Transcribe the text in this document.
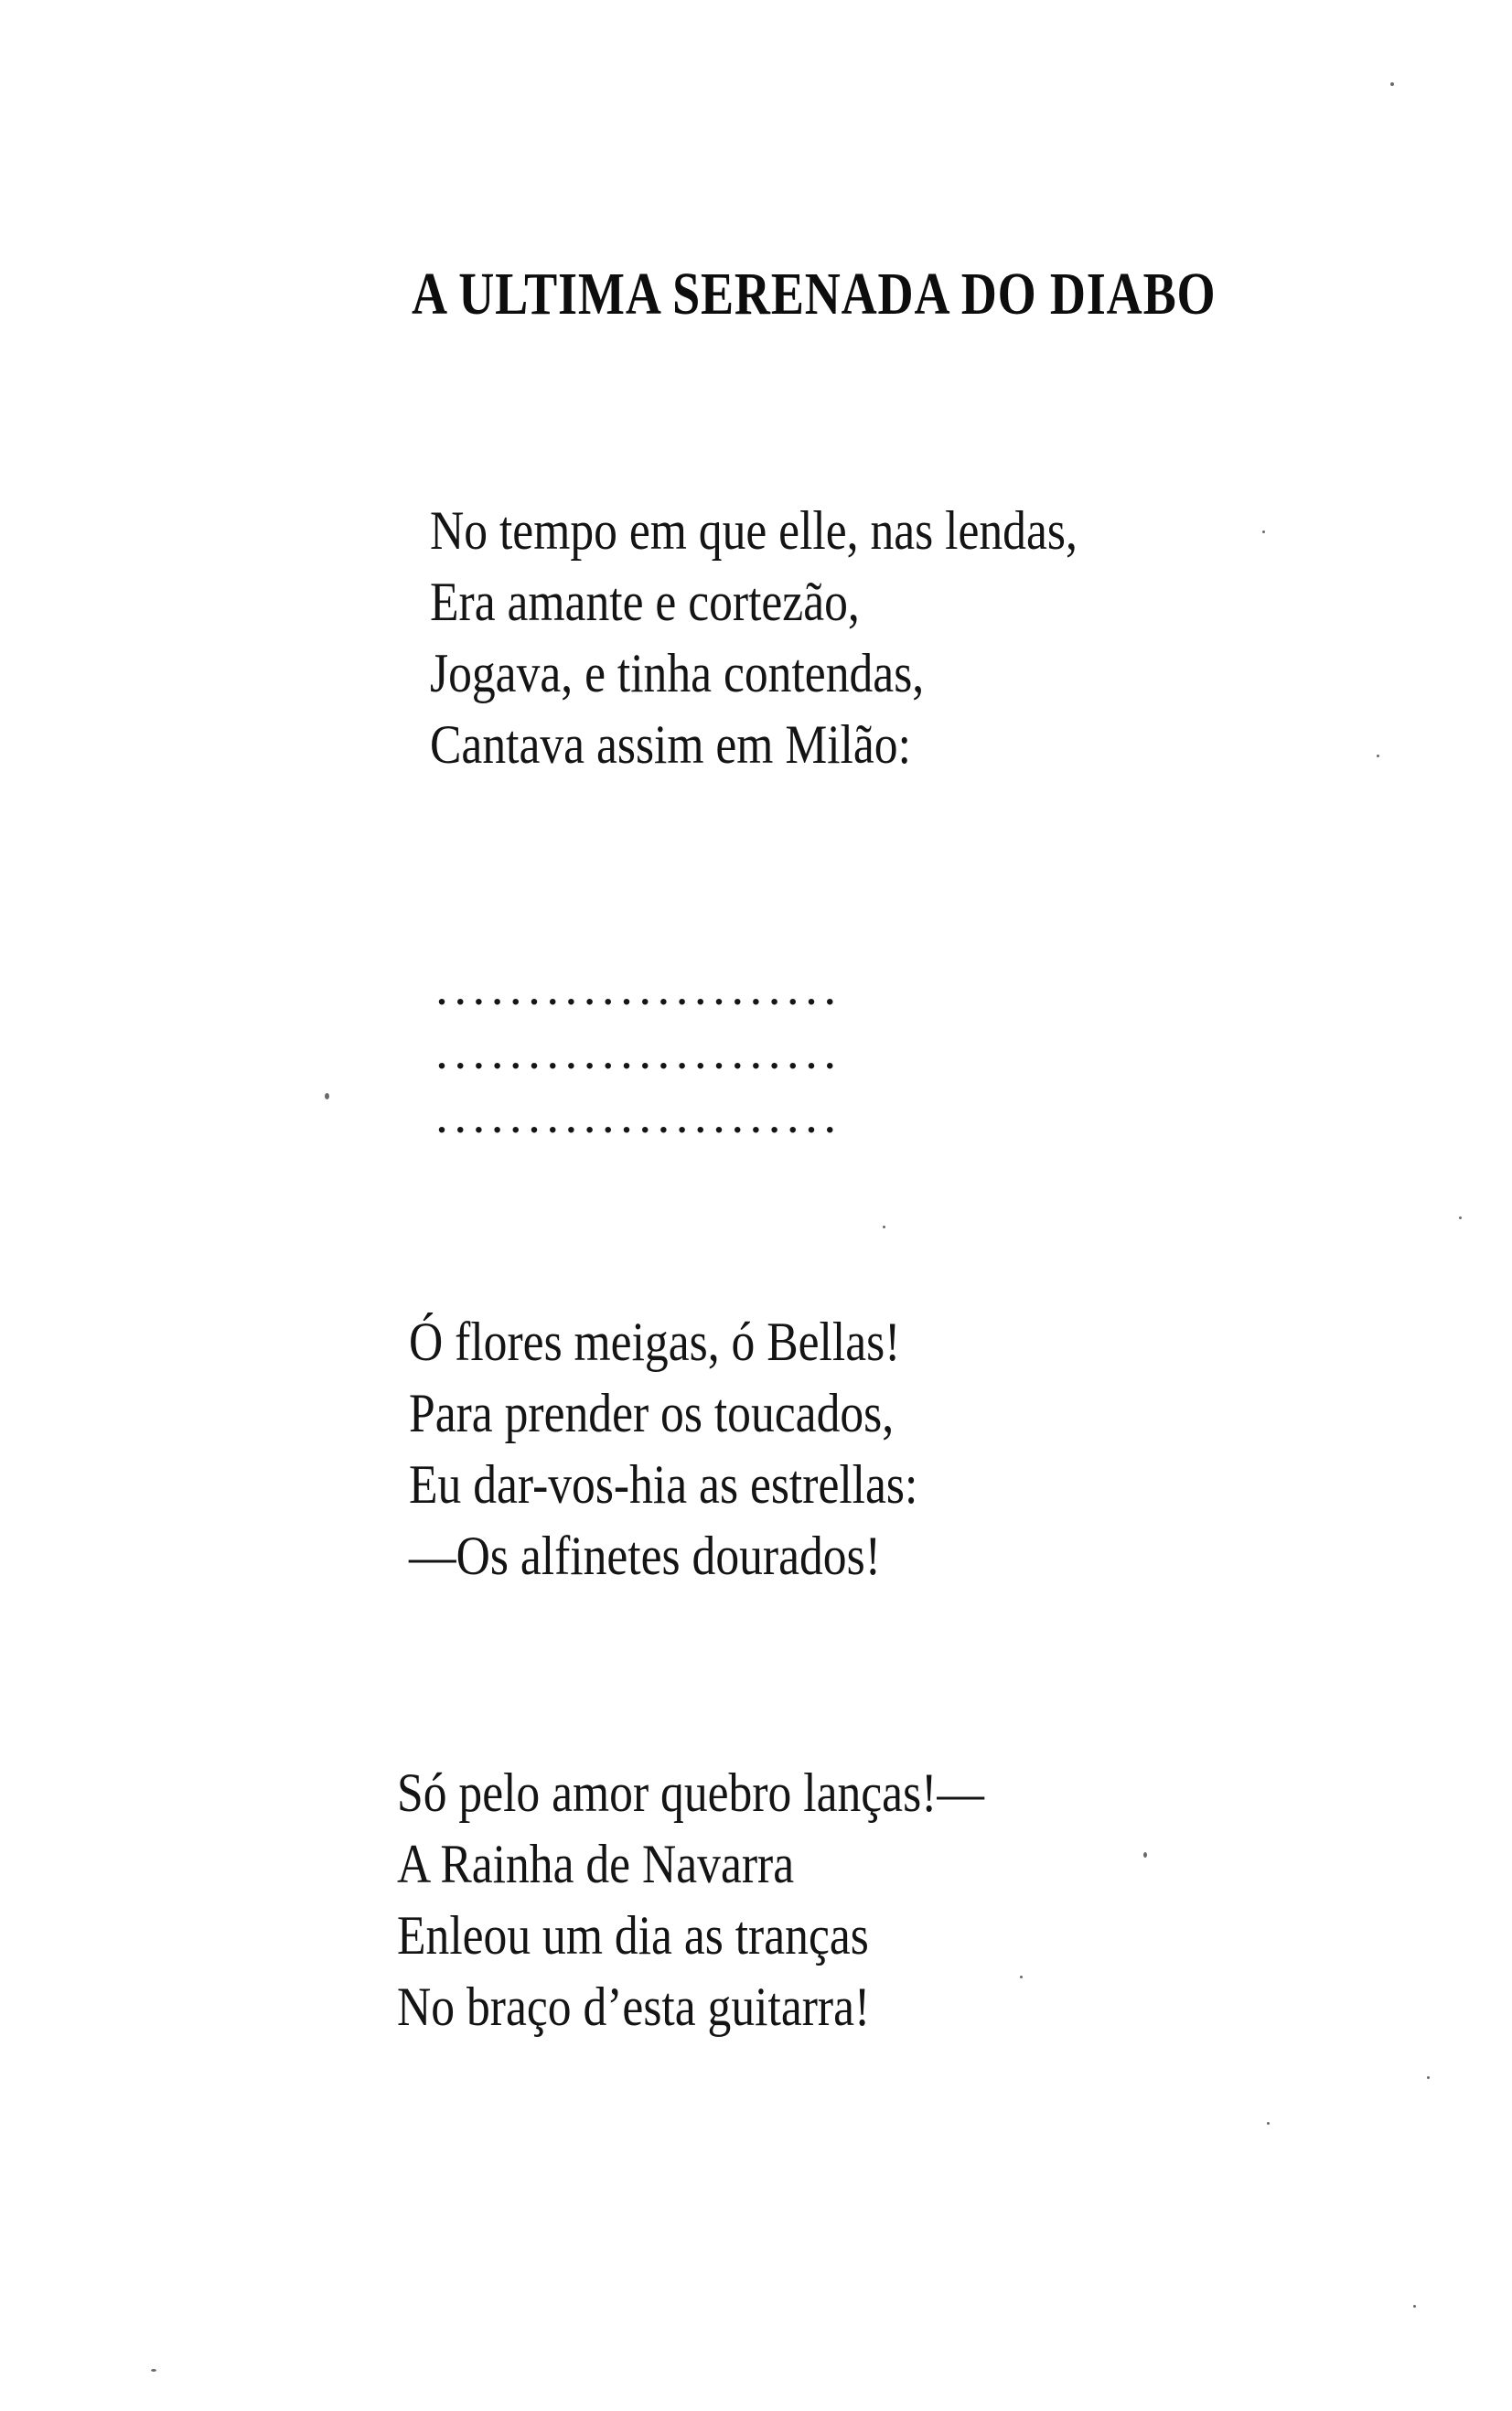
A ULTIMA SERENADA DO DIABO
No tempo em que elle, nas lendas,
Era amante e cortezão,
Jogava, e tinha contendas,
Cantava assim em Milão:
......................
......................
......................
Ó flores meigas, ó Bellas!
Para prender os toucados,
Eu dar-vos-hia as estrellas:
—Os alfinetes dourados!
Só pelo amor quebro lanças!—
A Rainha de Navarra
Enleou um dia as tranças
No braço d’esta guitarra!
